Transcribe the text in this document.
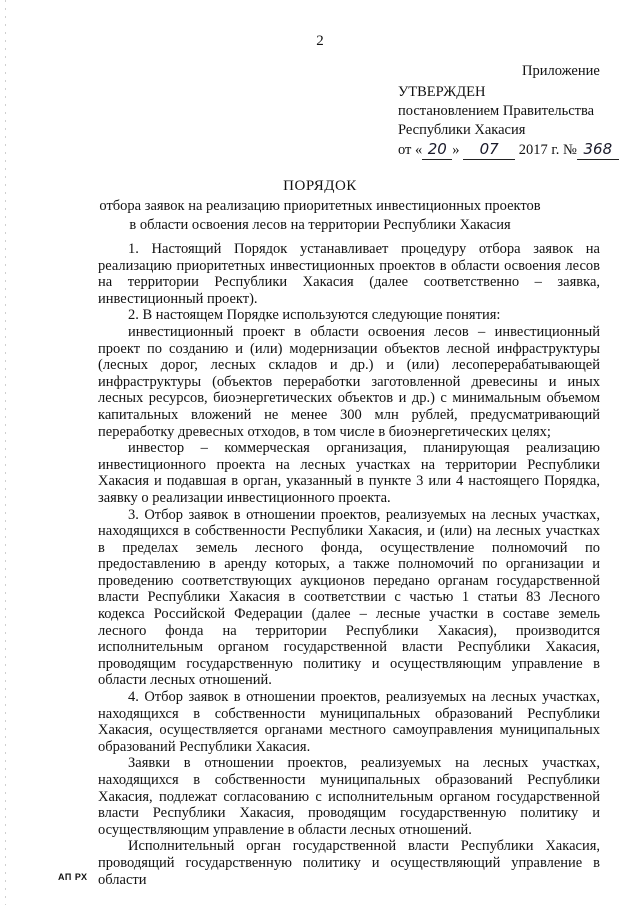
2
Приложение
УТВЕРЖДЕН
постановлением Правительства
Республики Хакасия
от « 20 » 07 2017 г. № 368
ПОРЯДОК
отбора заявок на реализацию приоритетных инвестиционных проектов
в области освоения лесов на территории Республики Хакасия

1. Настоящий Порядок устанавливает процедуру отбора заявок на реализацию приоритетных инвестиционных проектов в области освоения лесов на территории Республики Хакасия (далее соответственно – заявка, инвестиционный проект).

2. В настоящем Порядке используются следующие понятия:

инвестиционный проект в области освоения лесов – инвестиционный проект по созданию и (или) модернизации объектов лесной инфраструктуры (лесных дорог, лесных складов и др.) и (или) лесоперерабатывающей инфраструктуры (объектов переработки заготовленной древесины и иных лесных ресурсов, биоэнергетических объектов и др.) с минимальным объемом капитальных вложений не менее 300 млн рублей, предусматривающий переработку древесных отходов, в том числе в биоэнергетических целях;

инвестор – коммерческая организация, планирующая реализацию инвестиционного проекта на лесных участках на территории Республики Хакасия и подавшая в орган, указанный в пункте 3 или 4 настоящего Порядка, заявку о реализации инвестиционного проекта.

3. Отбор заявок в отношении проектов, реализуемых на лесных участках, находящихся в собственности Республики Хакасия, и (или) на лесных участках в пределах земель лесного фонда, осуществление полномочий по предоставлению в аренду которых, а также полномочий по организации и проведению соответствующих аукционов передано органам государственной власти Республики Хакасия в соответствии с частью 1 статьи 83 Лесного кодекса Российской Федерации (далее – лесные участки в составе земель лесного фонда на территории Республики Хакасия), производится исполнительным органом государственной власти Республики Хакасия, проводящим государственную политику и осуществляющим управление в области лесных отношений.

4. Отбор заявок в отношении проектов, реализуемых на лесных участках, находящихся в собственности муниципальных образований Республики Хакасия, осуществляется органами местного самоуправления муниципальных образований Республики Хакасия.

Заявки в отношении проектов, реализуемых на лесных участках, находящихся в собственности муниципальных образований Республики Хакасия, подлежат согласованию с исполнительным органом государственной власти Республики Хакасия, проводящим государственную политику и осуществляющим управление в области лесных отношений.

Исполнительный орган государственной власти Республики Хакасия, проводящий государственную политику и осуществляющий управление в области

АП РХ
